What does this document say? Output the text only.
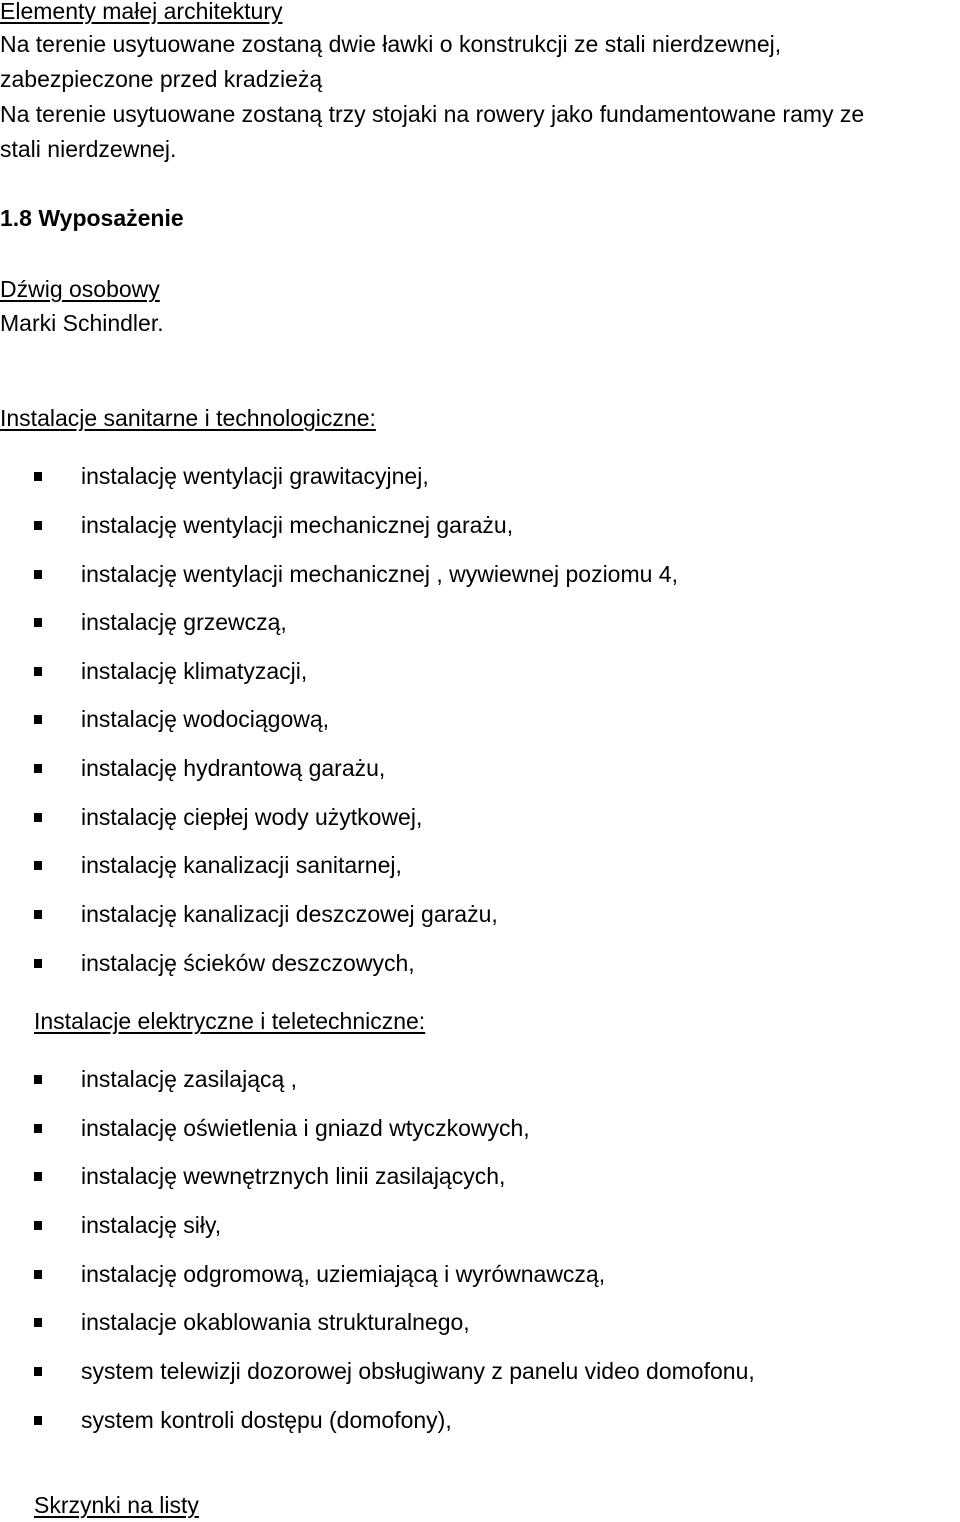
Elementy małej architektury
Na terenie usytuowane zostaną dwie ławki o konstrukcji ze stali nierdzewnej,
zabezpieczone przed kradzieżą
Na terenie usytuowane zostaną trzy stojaki na rowery jako fundamentowane ramy ze
stali nierdzewnej.
1.8 Wyposażenie
Dźwig osobowy
Marki Schindler.
Instalacje sanitarne i technologiczne:
instalację wentylacji grawitacyjnej,
instalację wentylacji mechanicznej garażu,
instalację wentylacji mechanicznej , wywiewnej poziomu 4,
instalację grzewczą,
instalację klimatyzacji,
instalację wodociągową,
instalację hydrantową garażu,
instalację ciepłej wody użytkowej,
instalację kanalizacji sanitarnej,
instalację kanalizacji deszczowej garażu,
instalację ścieków deszczowych,
Instalacje elektryczne i teletechniczne:
instalację zasilającą ,
instalację oświetlenia i gniazd wtyczkowych,
instalację wewnętrznych linii zasilających,
instalację siły,
instalację odgromową, uziemiającą i wyrównawczą,
instalacje okablowania strukturalnego,
system telewizji dozorowej obsługiwany z panelu video domofonu,
system kontroli dostępu (domofony),
Skrzynki na listy
